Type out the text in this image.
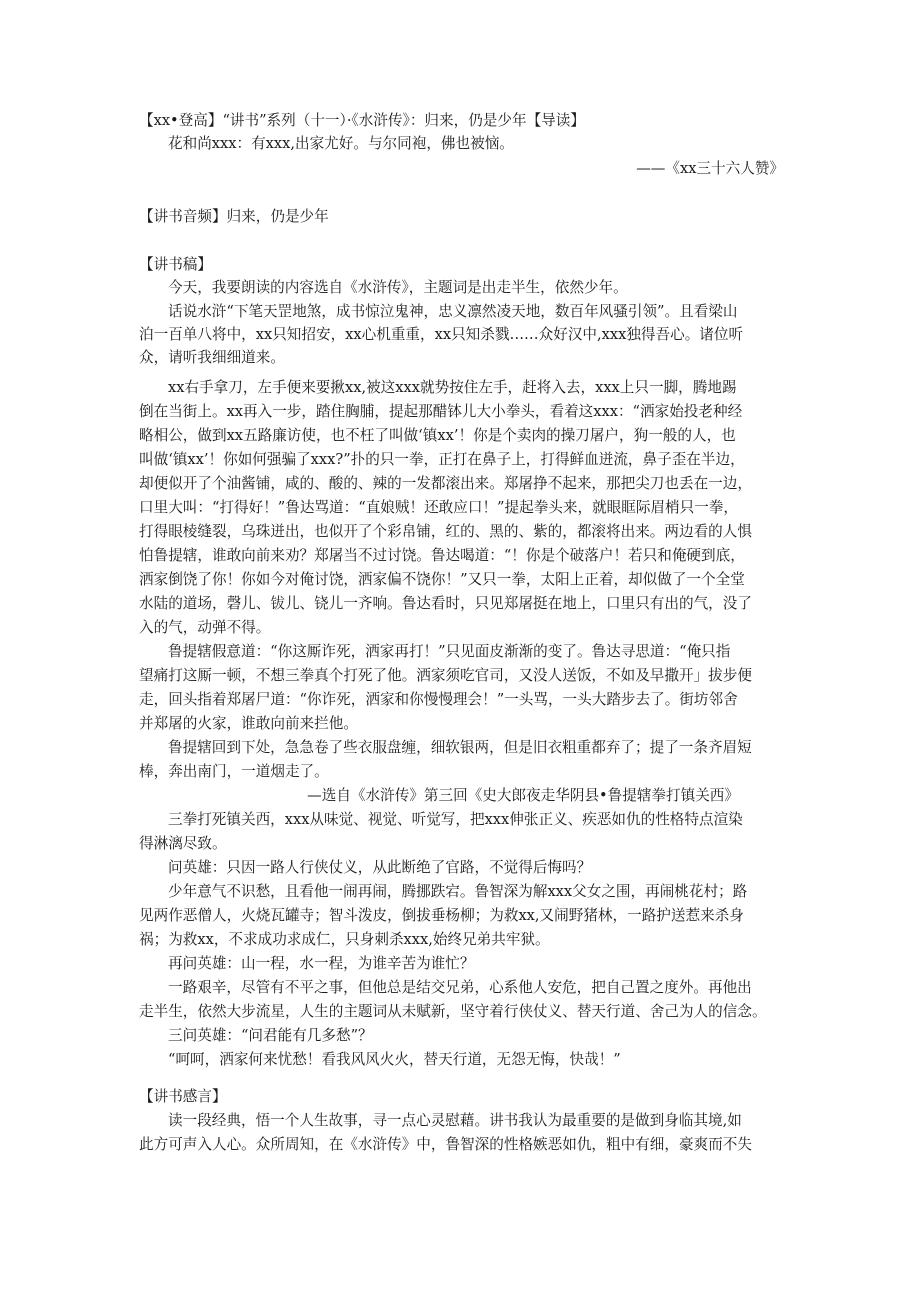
【xx•登高】“讲书”系列（十一）·《水浒传》：归来，仍是少年【导读】
花和尚xxx：有xxx,出家尤好。与尔同袍，佛也被恼。
——《xx三十六人赞》
【讲书音频】归来，仍是少年
【讲书稿】
今天，我要朗读的内容选自《水浒传》，主题词是出走半生，依然少年。
话说水浒“下笔天罡地煞，成书惊泣鬼神，忠义凛然凌天地，数百年风骚引领”。且看梁山
泊一百单八将中，xx只知招安，xx心机重重，xx只知杀戮……众好汉中,xxx独得吾心。诸位听
众，请听我细细道来。
xx右手拿刀，左手便来要揪xx,被这xxx就势按住左手，赶将入去，xxx上只一脚，腾地踢
倒在当街上。xx再入一步，踏住胸脯，提起那醋钵儿大小拳头，看着这xxx：“洒家始投老种经
略相公，做到xx五路廉访使，也不枉了叫做‘镇xx’！你是个卖肉的操刀屠户，狗一般的人，也
叫做‘镇xx’！你如何强骗了xxx?”扑的只一拳，正打在鼻子上，打得鲜血迸流，鼻子歪在半边，
却便似开了个油酱铺，咸的、酸的、辣的一发都滚出来。郑屠挣不起来，那把尖刀也丢在一边，
口里大叫：“打得好！”鲁达骂道：“直娘贼！还敢应口！”提起拳头来，就眼眶际眉梢只一拳，
打得眼棱缝裂，乌珠迸出，也似开了个彩帛铺，红的、黑的、紫的，都滚将出来。两边看的人惧
怕鲁提辖，谁敢向前来劝？郑屠当不过讨饶。鲁达喝道：“！你是个破落户！若只和俺硬到底，
洒家倒饶了你！你如今对俺讨饶，洒家偏不饶你！”又只一拳，太阳上正着，却似做了一个全堂
水陆的道场，磬儿、钹儿、铙儿一齐响。鲁达看时，只见郑屠挺在地上，口里只有出的气，没了
入的气，动弹不得。
鲁提辖假意道：“你这厮诈死，洒家再打！”只见面皮渐渐的变了。鲁达寻思道：“俺只指
望痛打这厮一顿，不想三拳真个打死了他。洒家须吃官司，又没人送饭，不如及早撒开」拔步便
走，回头指着郑屠尸道：“你诈死，洒家和你慢慢理会！”一头骂，一头大踏步去了。街坊邻舍
并郑屠的火家，谁敢向前来拦他。
鲁提辖回到下处，急急卷了些衣服盘缠，细软银两，但是旧衣粗重都弃了；提了一条齐眉短
棒，奔出南门，一道烟走了。
—选自《水浒传》第三回《史大郎夜走华阴县•鲁提辖拳打镇关西》
三拳打死镇关西，xxx从味觉、视觉、听觉写，把xxx伸张正义、疾恶如仇的性格特点渲染
得淋漓尽致。
问英雄：只因一路人行侠仗义，从此断绝了官路，不觉得后悔吗？
少年意气不识愁，且看他一闹再闹，腾挪跌宕。鲁智深为解xxx父女之围，再闹桃花村；路
见两作恶僧人，火烧瓦罐寺；智斗泼皮，倒拔垂杨柳；为救xx,又闹野猪林，一路护送惹来杀身
祸；为救xx，不求成功求成仁，只身刺杀xxx,始终兄弟共牢狱。
再问英雄：山一程，水一程，为谁辛苦为谁忙？
一路艰辛，尽管有不平之事，但他总是结交兄弟，心系他人安危，把自己置之度外。再他出
走半生，依然大步流星，人生的主题词从未赋新，坚守着行侠仗义、替天行道、舍己为人的信念。
三问英雄：“问君能有几多愁”？
“呵呵，洒家何来忧愁！看我风风火火，替天行道，无怨无悔，快哉！”
【讲书感言】
读一段经典，悟一个人生故事，寻一点心灵慰藉。讲书我认为最重要的是做到身临其境,如
此方可声入人心。众所周知，在《水浒传》中，鲁智深的性格嫉恶如仇，粗中有细，豪爽而不失
